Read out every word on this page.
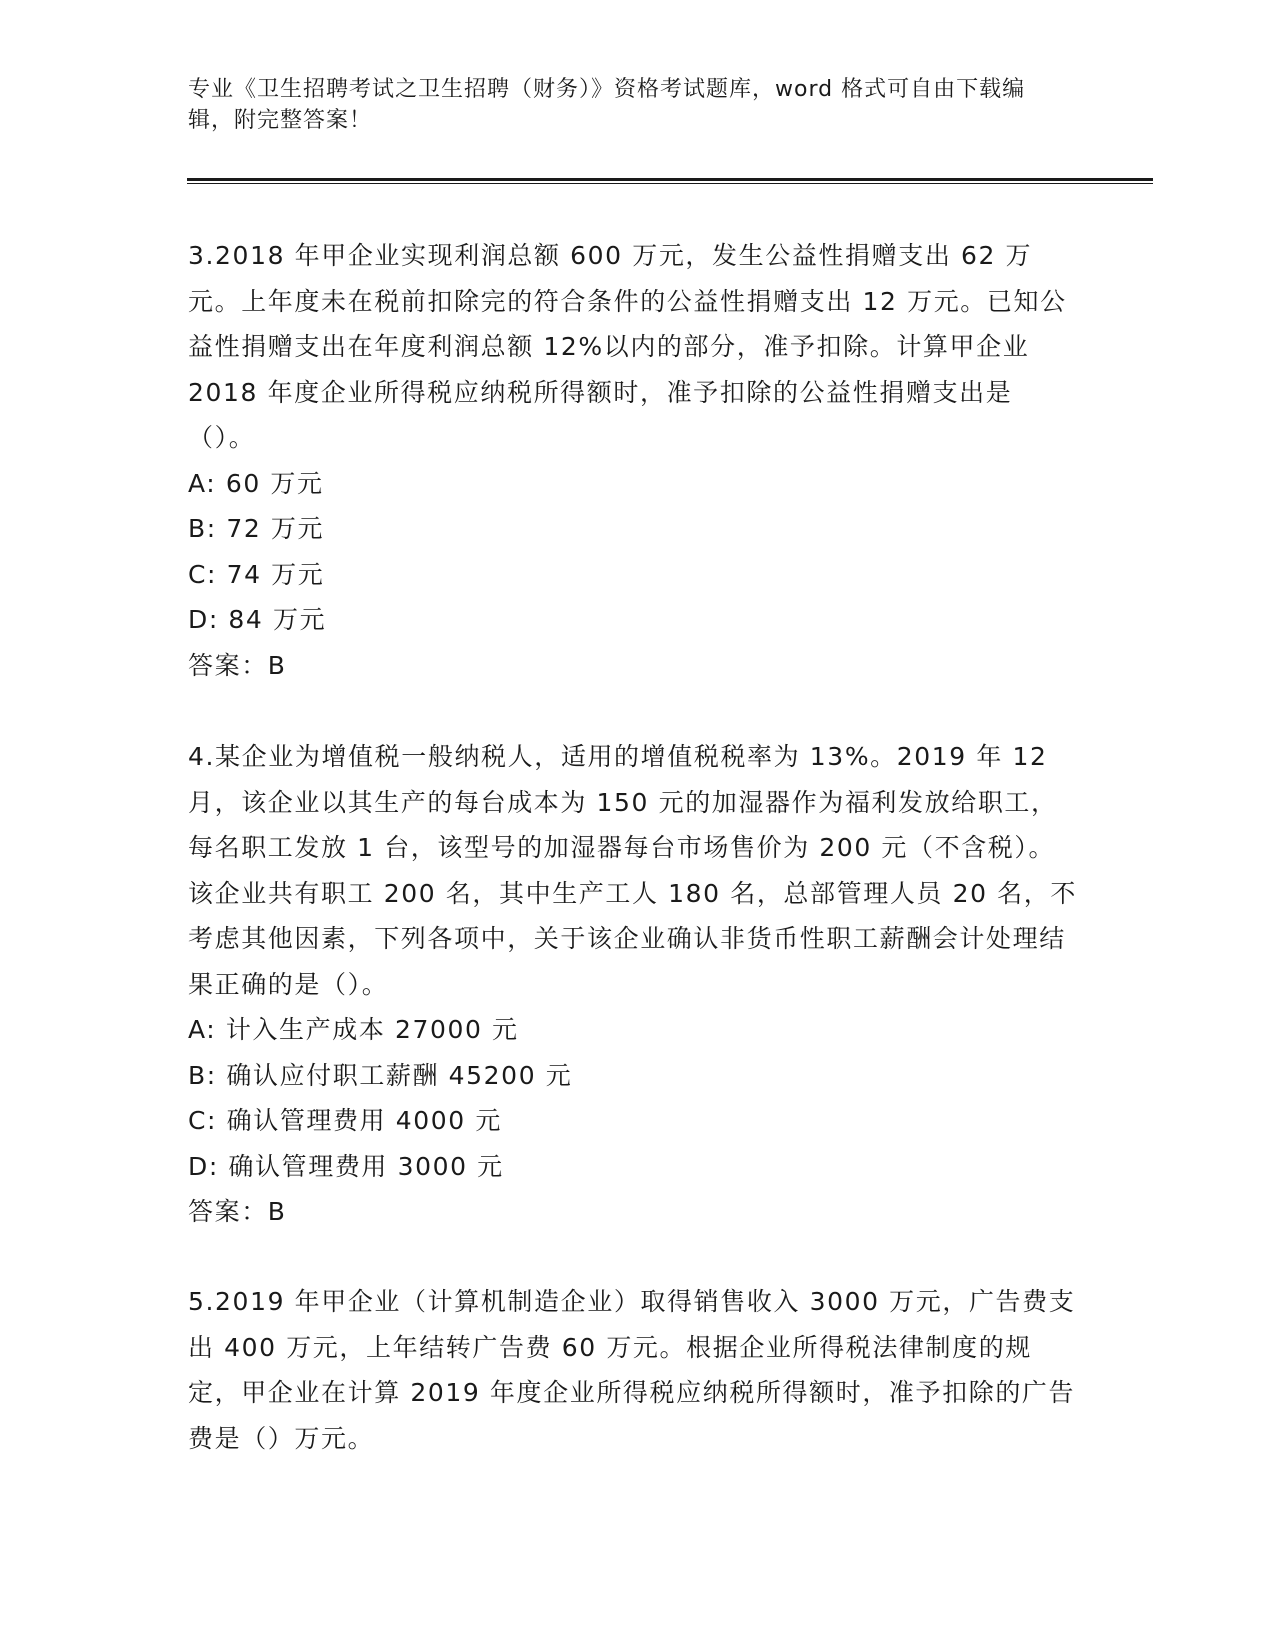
专业《卫生招聘考试之卫生招聘（财务）》资格考试题库，word 格式可自由下载编辑，附完整答案！

3.2018 年甲企业实现利润总额 600 万元，发生公益性捐赠支出 62 万元。上年度未在税前扣除完的符合条件的公益性捐赠支出 12 万元。已知公益性捐赠支出在年度利润总额 12%以内的部分，准予扣除。计算甲企业 2018 年度企业所得税应纳税所得额时，准予扣除的公益性捐赠支出是（）。

A: 60 万元

B: 72 万元

C: 74 万元

D: 84 万元

答案：B

4.某企业为增值税一般纳税人，适用的增值税税率为 13%。2019 年 12 月，该企业以其生产的每台成本为 150 元的加湿器作为福利发放给职工，每名职工发放 1 台，该型号的加湿器每台市场售价为 200 元（不含税）。该企业共有职工 200 名，其中生产工人 180 名，总部管理人员 20 名，不考虑其他因素，下列各项中，关于该企业确认非货币性职工薪酬会计处理结果正确的是（）。

A: 计入生产成本 27000 元

B: 确认应付职工薪酬 45200 元

C: 确认管理费用 4000 元

D: 确认管理费用 3000 元

答案：B

5.2019 年甲企业（计算机制造企业）取得销售收入 3000 万元，广告费支出 400 万元，上年结转广告费 60 万元。根据企业所得税法律制度的规定，甲企业在计算 2019 年度企业所得税应纳税所得额时，准予扣除的广告费是（）万元。
